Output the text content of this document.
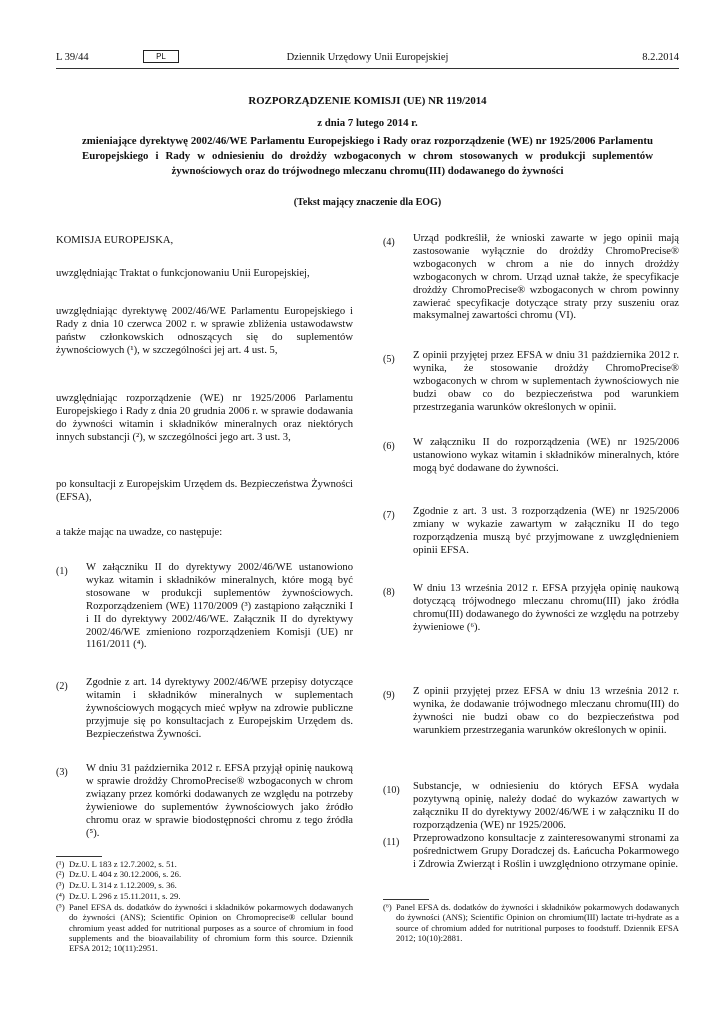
L 39/44	PL	Dziennik Urzędowy Unii Europejskiej	8.2.2014
ROZPORZĄDZENIE KOMISJI (UE) NR 119/2014
z dnia 7 lutego 2014 r.
zmieniające dyrektywę 2002/46/WE Parlamentu Europejskiego i Rady oraz rozporządzenie (WE) nr 1925/2006 Parlamentu Europejskiego i Rady w odniesieniu do drożdży wzbogaconych w chrom stosowanych w produkcji suplementów żywnościowych oraz do trójwodnego mleczanu chromu(III) dodawanego do żywności
(Tekst mający znaczenie dla EOG)

KOMISJA EUROPEJSKA,

uwzględniając Traktat o funkcjonowaniu Unii Europejskiej,

uwzględniając dyrektywę 2002/46/WE Parlamentu Europejskiego i Rady z dnia 10 czerwca 2002 r. w sprawie zbliżenia ustawodawstw państw członkowskich odnoszących się do suplementów żywnościowych (¹), w szczególności jej art. 4 ust. 5,

uwzględniając rozporządzenie (WE) nr 1925/2006 Parlamentu Europejskiego i Rady z dnia 20 grudnia 2006 r. w sprawie dodawania do żywności witamin i składników mineralnych oraz niektórych innych substancji (²), w szczególności jego art. 3 ust. 3,

po konsultacji z Europejskim Urzędem ds. Bezpieczeństwa Żywności (EFSA),

a także mając na uwadze, co następuje:

(1) W załączniku II do dyrektywy 2002/46/WE ustanowiono wykaz witamin i składników mineralnych, które mogą być stosowane w produkcji suplementów żywnościowych. Rozporządzeniem (WE) 1170/2009 (³) zastąpiono załączniki I i II do dyrektywy 2002/46/WE. Załącznik II do dyrektywy 2002/46/WE zmieniono rozporządzeniem Komisji (UE) nr 1161/2011 (⁴).
(2) Zgodnie z art. 14 dyrektywy 2002/46/WE przepisy dotyczące witamin i składników mineralnych w suplementach żywnościowych mogących mieć wpływ na zdrowie publiczne przyjmuje się po konsultacjach z Europejskim Urzędem ds. Bezpieczeństwa Żywności.
(3) W dniu 31 października 2012 r. EFSA przyjął opinię naukową w sprawie drożdży ChromoPrecise® wzbogaconych w chrom związany przez komórki dodawanych ze względu na potrzeby żywieniowe do suplementów żywnościowych jako źródło chromu oraz w sprawie biodostępności chromu z tego źródła (⁵).
(¹) Dz.U. L 183 z 12.7.2002, s. 51.
(²) Dz.U. L 404 z 30.12.2006, s. 26.
(³) Dz.U. L 314 z 1.12.2009, s. 36.
(⁴) Dz.U. L 296 z 15.11.2011, s. 29.
(⁵) Panel EFSA ds. dodatków do żywności i składników pokarmowych dodawanych do żywności (ANS); Scientific Opinion on Chromoprecise® cellular bound chromium yeast added for nutritional purposes as a source of chromium in food supplements and the bioavailability of chromium form this source. Dziennik EFSA 2012; 10(11):2951.
(4) Urząd podkreślił, że wnioski zawarte w jego opinii mają zastosowanie wyłącznie do drożdży ChromoPrecise® wzbogaconych w chrom a nie do innych drożdży wzbogaconych w chrom. Urząd uznał także, że specyfikacje drożdży ChromoPrecise® wzbogaconych w chrom powinny zawierać specyfikacje dotyczące straty przy suszeniu oraz maksymalnej zawartości chromu (VI).
(5) Z opinii przyjętej przez EFSA w dniu 31 października 2012 r. wynika, że stosowanie drożdży ChromoPrecise® wzbogaconych w chrom w suplementach żywnościowych nie budzi obaw co do bezpieczeństwa pod warunkiem przestrzegania warunków określonych w opinii.
(6) W załączniku II do rozporządzenia (WE) nr 1925/2006 ustanowiono wykaz witamin i składników mineralnych, które mogą być dodawane do żywności.
(7) Zgodnie z art. 3 ust. 3 rozporządzenia (WE) nr 1925/2006 zmiany w wykazie zawartym w załączniku II do tego rozporządzenia muszą być przyjmowane z uwzględnieniem opinii EFSA.
(8) W dniu 13 września 2012 r. EFSA przyjęła opinię naukową dotyczącą trójwodnego mleczanu chromu(III) jako źródła chromu(III) dodawanego do żywności ze względu na potrzeby żywieniowe (⁶).
(9) Z opinii przyjętej przez EFSA w dniu 13 września 2012 r. wynika, że dodawanie trójwodnego mleczanu chromu(III) do żywności nie budzi obaw co do bezpieczeństwa pod warunkiem przestrzegania warunków określonych w opinii.
(10) Substancje, w odniesieniu do których EFSA wydała pozytywną opinię, należy dodać do wykazów zawartych w załączniku II do dyrektywy 2002/46/WE i w załączniku II do rozporządzenia (WE) nr 1925/2006.
(11) Przeprowadzono konsultacje z zainteresowanymi stronami za pośrednictwem Grupy Doradczej ds. Łańcucha Pokarmowego i Zdrowia Zwierząt i Roślin i uwzględniono otrzymane opinie.
(⁶) Panel EFSA ds. dodatków do żywności i składników pokarmowych dodawanych do żywności (ANS); Scientific Opinion on chromium(III) lactate tri-hydrate as a source of chromium added for nutritional purposes to foodstuff. Dziennik EFSA 2012; 10(10):2881.
